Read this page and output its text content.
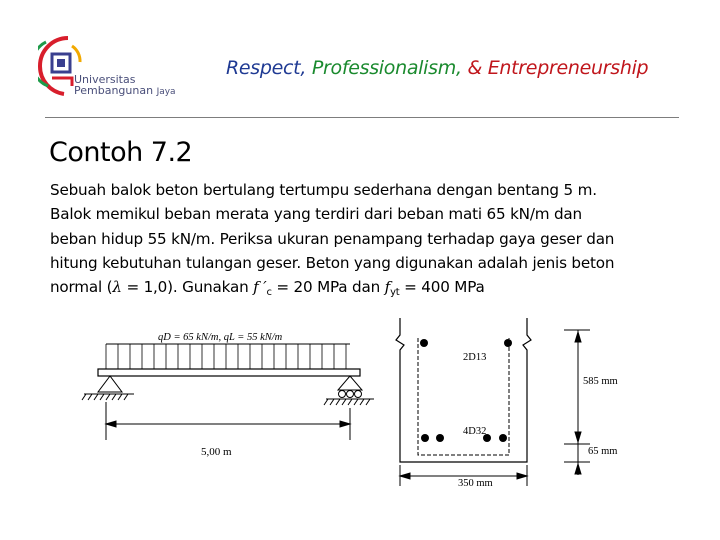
Universitas
Pembangunan Jaya
Respect, Professionalism, & Entrepreneurship
Contoh 7.2

Sebuah balok beton bertulang tertumpu sederhana dengan bentang 5 m.

Balok memikul beban merata yang terdiri dari beban mati 65 kN/m dan

beban hidup 55 kN/m. Periksa ukuran penampang terhadap gaya geser dan

hitung kebutuhan tulangan geser. Beton yang digunakan adalah jenis beton

normal (λ = 1,0). Gunakan f $'_c = 20$ MPa dan $f_{yt} = 400$ MPa

qD = 65 kN/m, qL = 55 kN/m
5,00 m
2D13
4D32
585 mm
65 mm
350 mm
